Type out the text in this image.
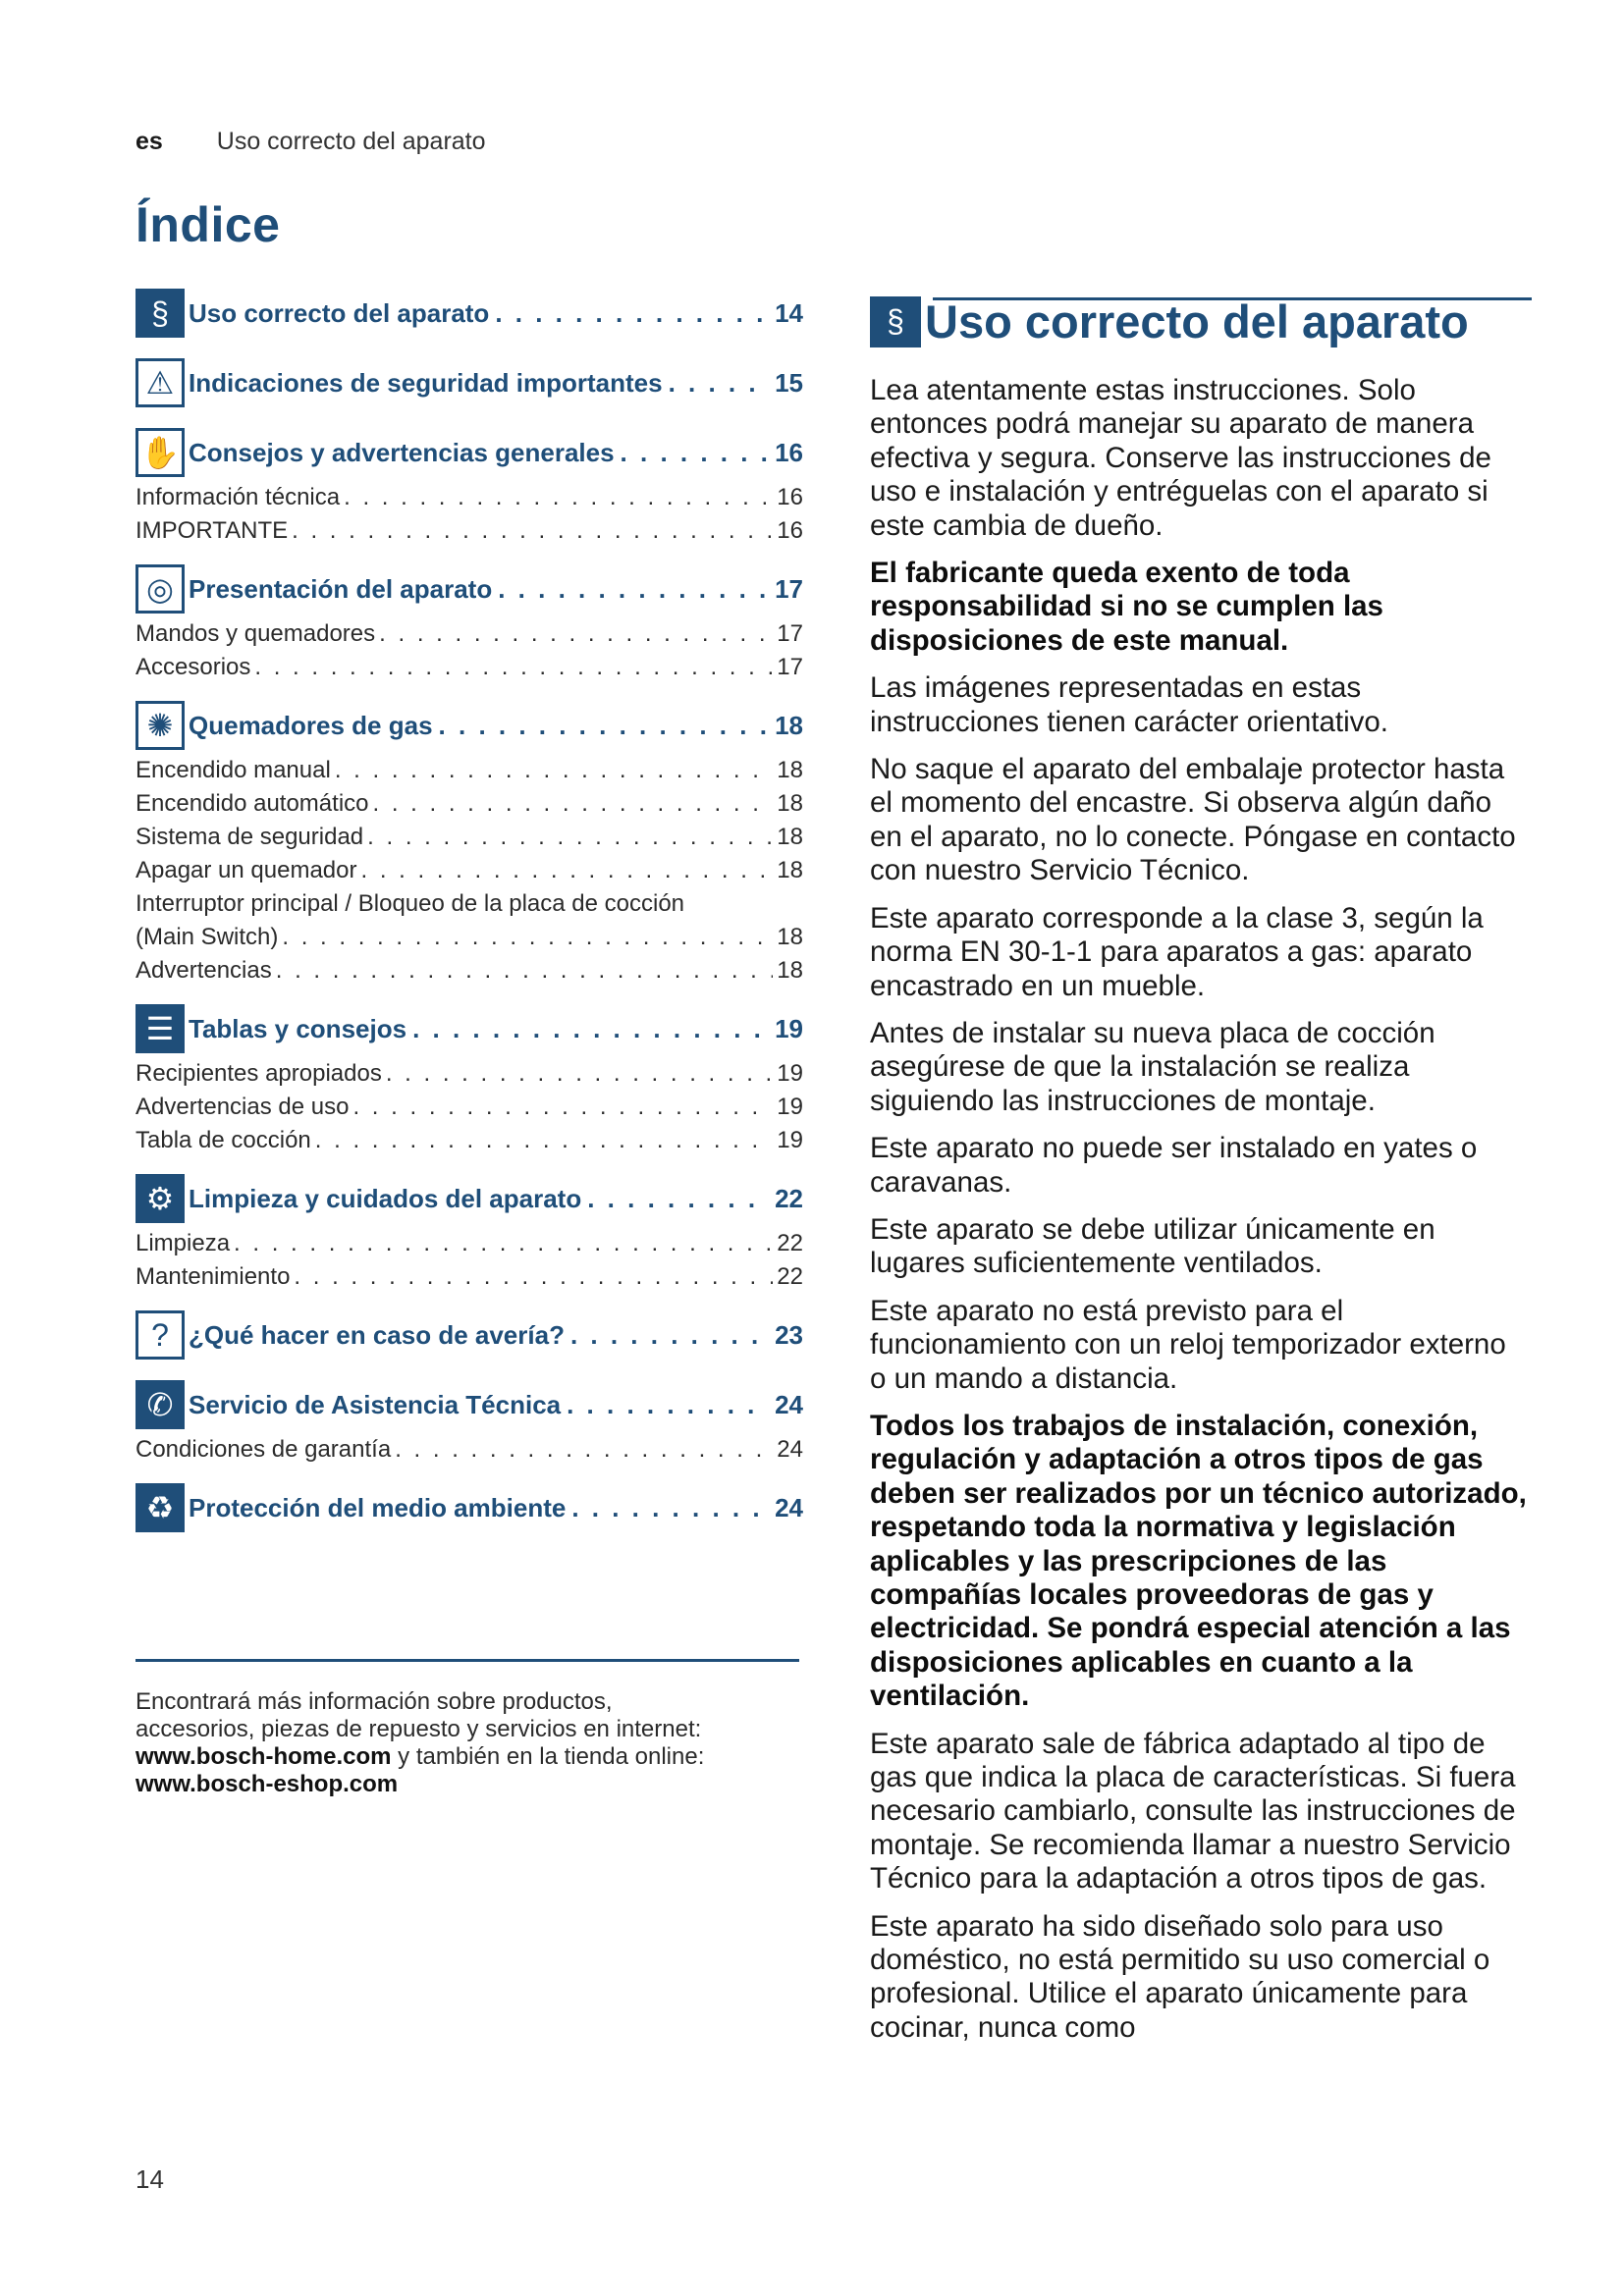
es Uso correcto del aparato
Índice
§ Uso correcto del aparato . . .	14
⚠ Indicaciones de seguridad importantes . . .	15
✋ Consejos y advertencias generales . . .	16
Información técnica . . .	16
IMPORTANTE . . .	16
◎ Presentación del aparato . . .	17
Mandos y quemadores . . .	17
Accesorios . . .	17
✺ Quemadores de gas . . .	18
Encendido manual . . .	18
Encendido automático . . .	18
Sistema de seguridad . . .	18
Apagar un quemador . . .	18
Interruptor principal / Bloqueo de la placa de cocción
(Main Switch) . . .	18
Advertencias . . .	18
☰ Tablas y consejos . . .	19
Recipientes apropiados . . .	19
Advertencias de uso . . .	19
Tabla de cocción . . .	19
⚙ Limpieza y cuidados del aparato . . .	22
Limpieza . . .	22
Mantenimiento . . .	22
? ¿Qué hacer en caso de avería? . . .	23
✆ Servicio de Asistencia Técnica . . .	24
Condiciones de garantía . . .	24
♻ Protección del medio ambiente . . .	24
Encontrará más información sobre productos,
accesorios, piezas de repuesto y servicios en internet:
www.bosch-home.com y también en la tienda online:
www.bosch-eshop.com
§ Uso correcto del aparato

Lea atentamente estas instrucciones. Solo entonces podrá manejar su aparato de manera efectiva y segura. Conserve las instrucciones de uso e instalación y entréguelas con el aparato si este cambia de dueño.

El fabricante queda exento de toda responsabilidad si no se cumplen las disposiciones de este manual.

Las imágenes representadas en estas instrucciones tienen carácter orientativo.

No saque el aparato del embalaje protector hasta el momento del encastre. Si observa algún daño en el aparato, no lo conecte. Póngase en contacto con nuestro Servicio Técnico.

Este aparato corresponde a la clase 3, según la norma EN 30-1-1 para aparatos a gas: aparato encastrado en un mueble.

Antes de instalar su nueva placa de cocción asegúrese de que la instalación se realiza siguiendo las instrucciones de montaje.

Este aparato no puede ser instalado en yates o caravanas.

Este aparato se debe utilizar únicamente en lugares suficientemente ventilados.

Este aparato no está previsto para el funcionamiento con un reloj temporizador externo o un mando a distancia.

Todos los trabajos de instalación, conexión, regulación y adaptación a otros tipos de gas deben ser realizados por un técnico autorizado, respetando toda la normativa y legislación aplicables y las prescripciones de las compañías locales proveedoras de gas y electricidad. Se pondrá especial atención a las disposiciones aplicables en cuanto a la ventilación.

Este aparato sale de fábrica adaptado al tipo de gas que indica la placa de características. Si fuera necesario cambiarlo, consulte las instrucciones de montaje. Se recomienda llamar a nuestro Servicio Técnico para la adaptación a otros tipos de gas.

Este aparato ha sido diseñado solo para uso doméstico, no está permitido su uso comercial o profesional. Utilice el aparato únicamente para cocinar, nunca como

14
